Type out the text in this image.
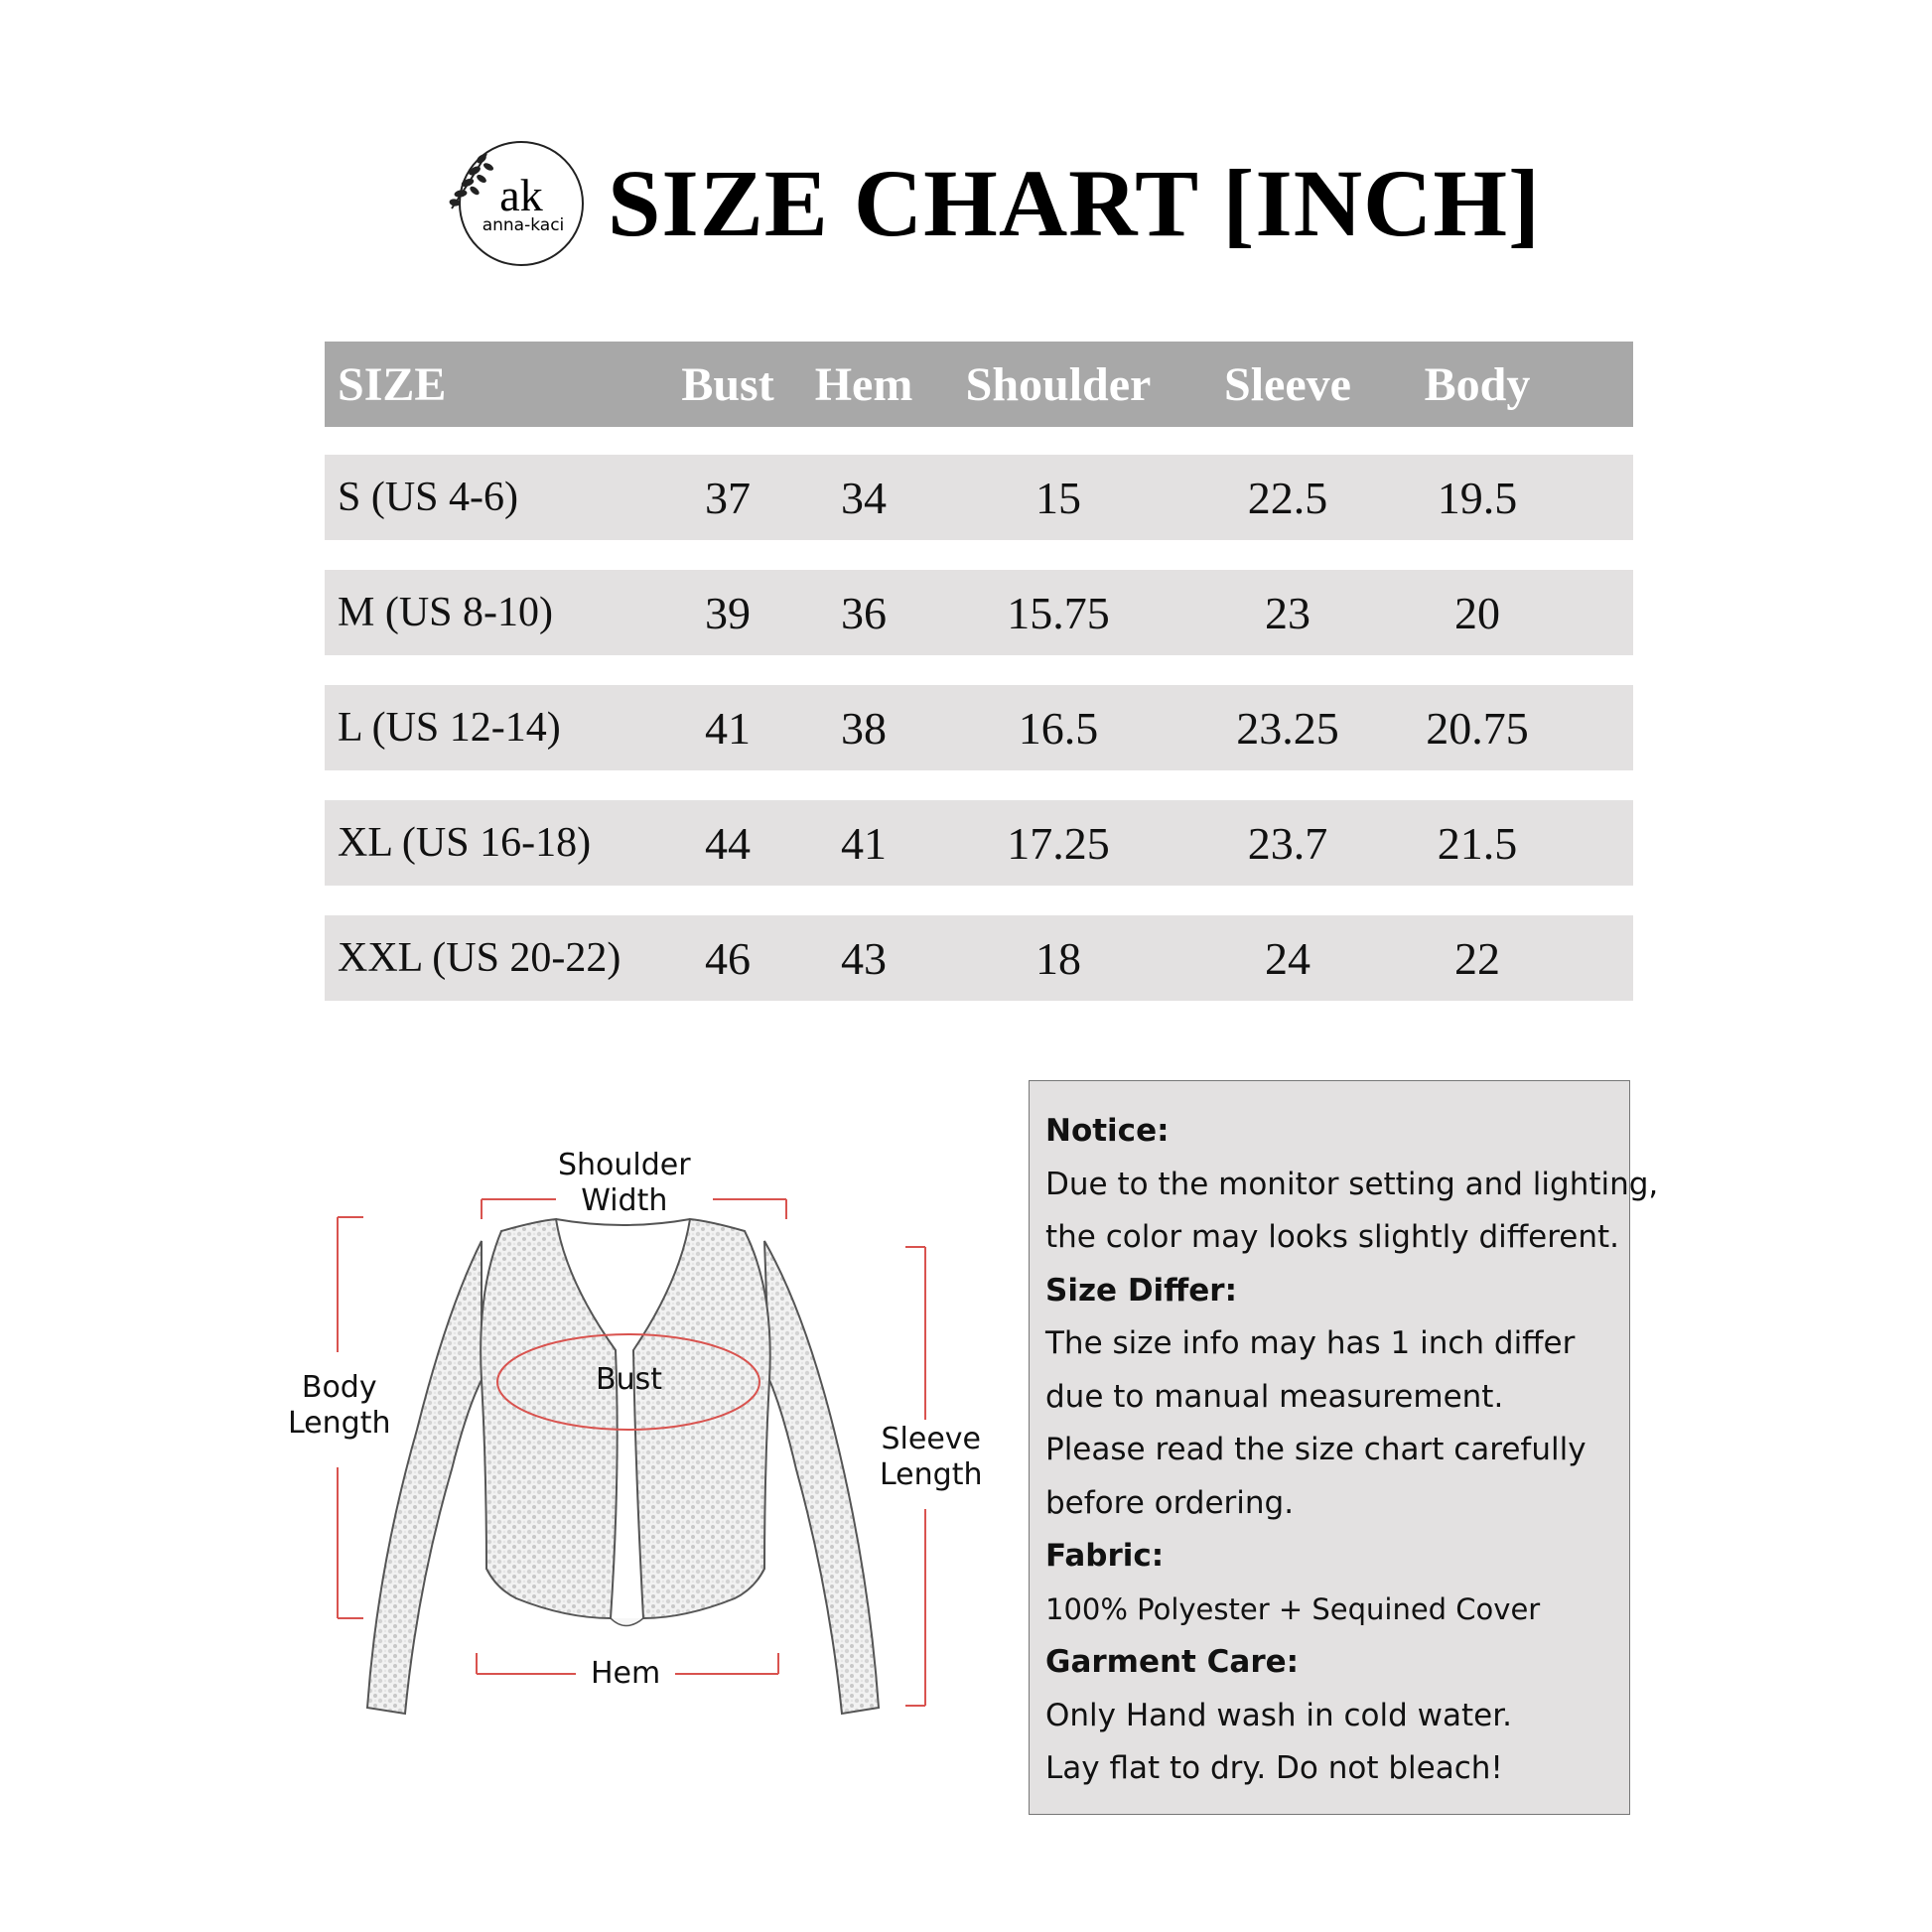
ak
anna-kaci SIZE CHART [INCH]
SIZE	Bust Hem	Shoulder	Sleeve	Body
S (US 4-6)	37	34	15	22.5	19.5
M (US 8-10)	39	36	15.75	23	20
L (US 12-14)	41	38	16.5	23.25	20.75
XL (US 16-18)	44	41	17.25	23.7	21.5
XXL (US 20-22)	46	43	18	24	22
Shoulder
Width
Bust
Body
Length	Sleeve
Length
Hem
Notice:
Due to the monitor setting and lighting,
the color may looks slightly different.
Size Differ:
The size info may has 1 inch differ
due to manual measurement.
Please read the size chart carefully
before ordering.
Fabric:
100% Polyester + Sequined Cover
Garment Care:
Only Hand wash in cold water.
Lay flat to dry. Do not bleach!
